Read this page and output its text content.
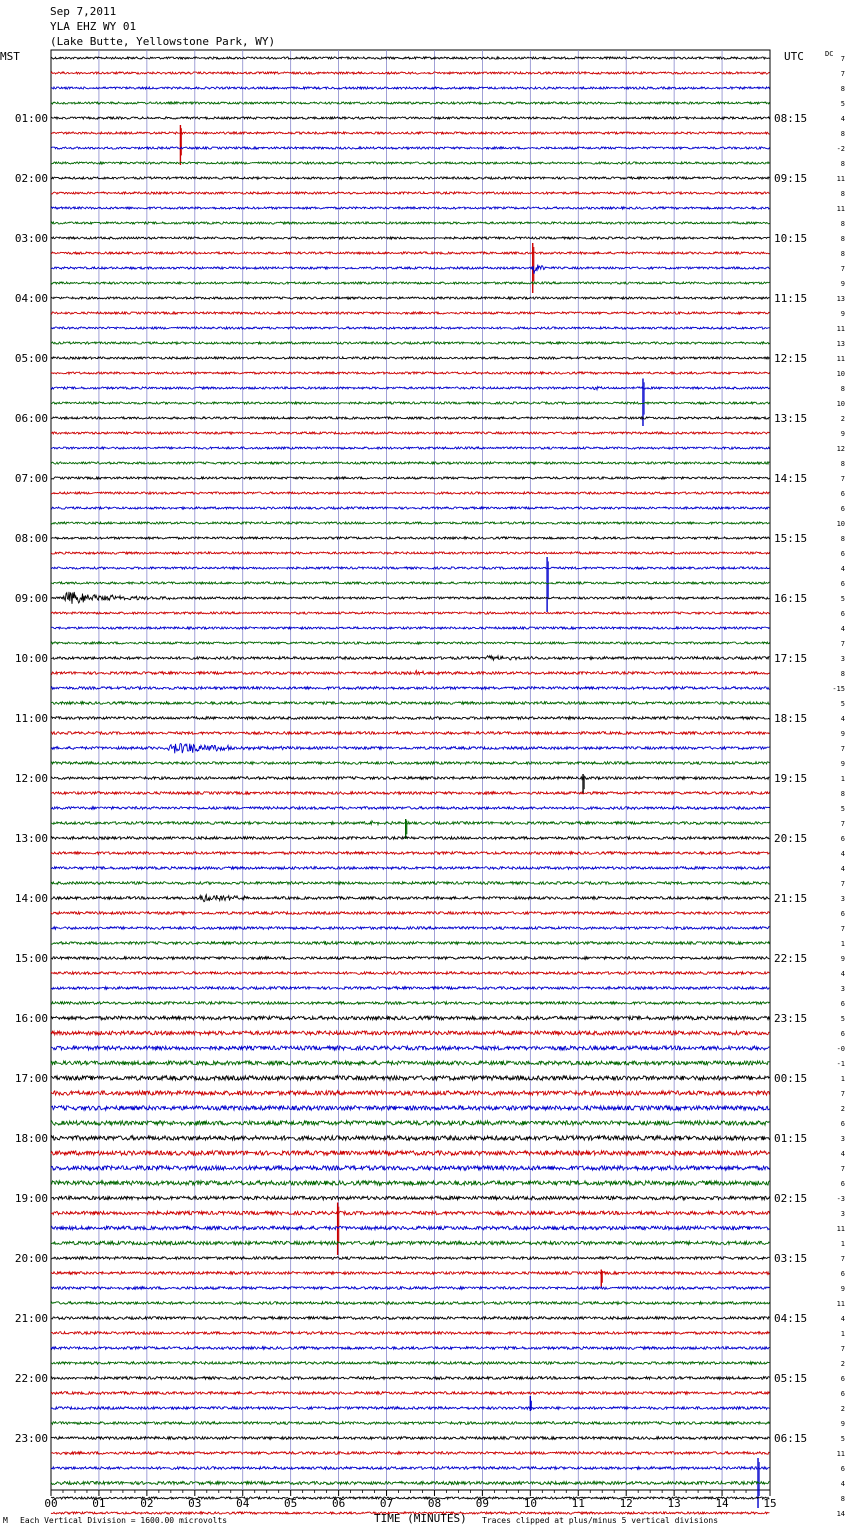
Sep 7,2011
YLA EHZ WY 01
(Lake Butte, Yellowstone Park, WY)
MST	UTC	DC
00	01	02	03	04	05	06	07	08	09	10	11	12	13	14	15
7
7
8
5
4
8
-2
8
11
8
11
8
8
8
7
9
13
9
11
13
11
10
8
10
2
9
12
8
7
6
6
10
8
6
4
6
5
6
4
7
3
8
-15
5
4
9
7
9
1
8
5
7
6
4
4
7
3
6
7
1
9
4
3
6
5
6
-0
-1
1
7
2
6
3
4
7
6
-3
3
11
1
7
6
9
11
4
1
7
2
6
6
2
9
5
11
6
4
8
14
01:00	08:15
02:00	09:15
03:00	10:15
04:00	11:15
05:00	12:15
06:00	13:15
07:00	14:15
08:00	15:15
09:00	16:15
10:00	17:15
11:00	18:15
12:00	19:15
13:00	20:15
14:00	21:15
15:00	22:15
16:00	23:15
17:00	00:15
18:00	01:15
19:00	02:15
20:00	03:15
21:00	04:15
22:00	05:15
23:00	06:15
M Each Vertical Division = 1600.00 microvolts	TIME (MINUTES) Traces clipped at plus/minus 5 vertical divisions
